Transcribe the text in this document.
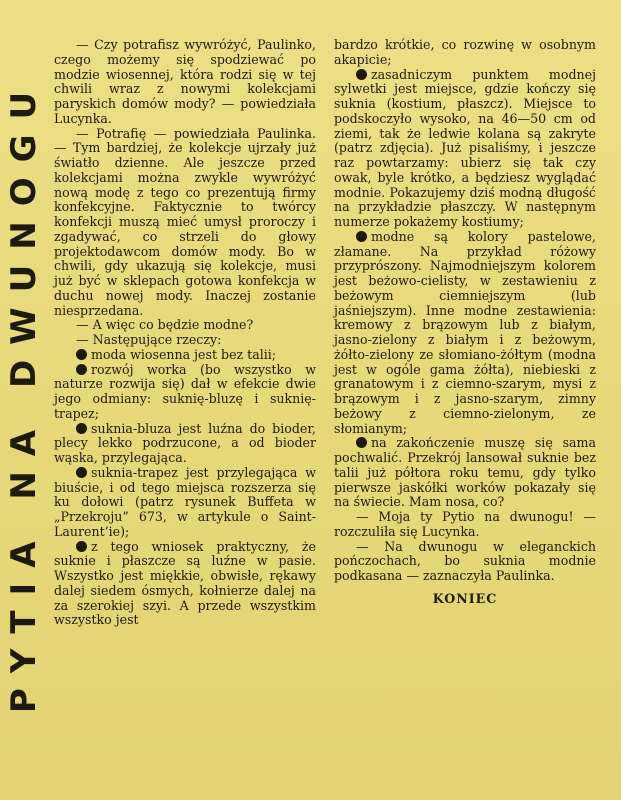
PYTIA NA DWUNOGU

— Czy potrafisz wywróżyć, Paulinko, czego możemy się spodziewać po modzie wiosennej, która rodzi się w tej chwili wraz z nowymi kolekcjami paryskich domów mody? — powiedziała Lucynka.

— Potrafię — powiedziała Paulinka. — Tym bardziej, że kolekcje ujrzały już światło dzienne. Ale jeszcze przed kolekcjami można zwykle wywróżyć nową modę z tego co prezentują firmy konfekcyjne. Faktycznie to twórcy konfekcji muszą mieć umysł proroczy i zgadywać, co strzeli do głowy projektodawcom domów mody. Bo w chwili, gdy ukazują się kolekcje, musi już być w sklepach gotowa konfekcja w duchu nowej mody. Inaczej zostanie niesprzedana.

— A więc co będzie modne?

— Następujące rzeczy:

moda wiosenna jest bez talii;

rozwój worka (bo wszystko w naturze rozwija się) dał w efekcie dwie jego odmiany: suknię-bluzę i suknię-trapez;

suknia-bluza jest luźna do bioder, plecy lekko podrzucone, a od bioder wąska, przylegająca.

suknia-trapez jest przylegająca w biuście, i od tego miejsca rozszerza się ku dołowi (patrz rysunek Buffeta w „Przekroju” 673, w artykule o Saint-Laurent’ie);

z tego wniosek praktyczny, że suknie i płaszcze są luźne w pasie. Wszystko jest miękkie, obwisłe, rękawy dalej siedem ósmych, kołnierze dalej na za szerokiej szyi. A przede wszystkim wszystko jest

bardzo krótkie, co rozwinę w osobnym akapicie;

zasadniczym punktem modnej sylwetki jest miejsce, gdzie kończy się suknia (kostium, płaszcz). Miejsce to podskoczyło wysoko, na 46—50 cm od ziemi, tak że ledwie kolana są zakryte (patrz zdjęcia). Już pisaliśmy, i jeszcze raz powtarzamy: ubierz się tak czy owak, byle krótko, a będziesz wyglądać modnie. Pokazujemy dziś modną długość na przykładzie płaszczy. W następnym numerze pokażemy kostiumy;

modne są kolory pastelowe, złamane. Na przykład różowy przyprószony. Najmodniejszym kolorem jest beżowo-cielisty, w zestawieniu z beżowym ciemniejszym (lub jaśniejszym). Inne modne zestawienia: kremowy z brązowym lub z białym, jasno-zielony z białym i z beżowym, żółto-zielony ze słomiano-żółtym (modna jest w ogóle gama żółta), niebieski z granatowym i z ciemno-szarym, mysi z brązowym i z jasno-szarym, zimny beżowy z ciemno-zielonym, ze słomianym;

na zakończenie muszę się sama pochwalić. Przekrój lansował suknie bez talii już półtora roku temu, gdy tylko pierwsze jaskółki worków pokazały się na świecie. Mam nosa, co?

— Moja ty Pytio na dwunogu! — rozczuliła się Lucynka.

— Na dwunogu w eleganckich pończochach, bo suknia modnie podkasana — zaznaczyła Paulinka.

KONIEC
